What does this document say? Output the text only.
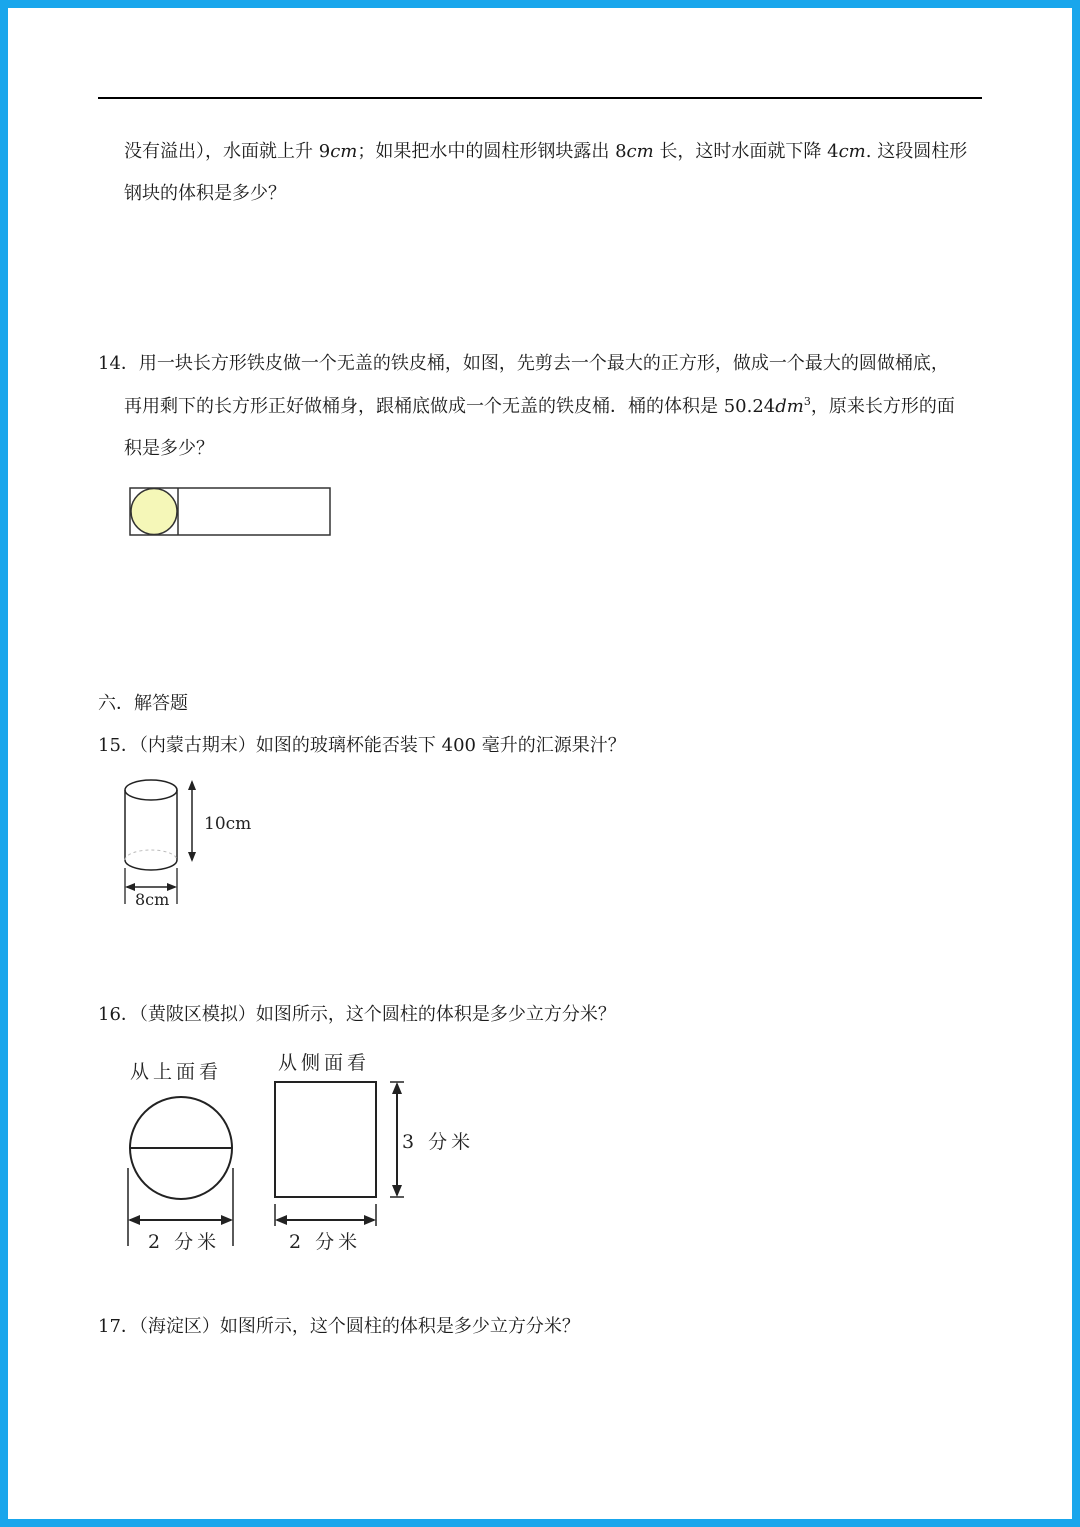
没有溢出），水面就上升 9cm；如果把水中的圆柱形钢块露出 8cm 长，这时水面就下降 4cm. 这段圆柱形
钢块的体积是多少？
14．用一块长方形铁皮做一个无盖的铁皮桶，如图，先剪去一个最大的正方形，做成一个最大的圆做桶底，
再用剩下的长方形正好做桶身，跟桶底做成一个无盖的铁皮桶．桶的体积是 $50.24dm^3$，原来长方形的面
积是多少？
六．解答题
15．（内蒙古期末）如图的玻璃杯能否装下 400 毫升的汇源果汁？
10cm
8cm
16．（黄陂区模拟）如图所示，这个圆柱的体积是多少立方分米？
从上面看
2 分米
从侧面看
3 分米
2 分米
17．（海淀区）如图所示，这个圆柱的体积是多少立方分米？
